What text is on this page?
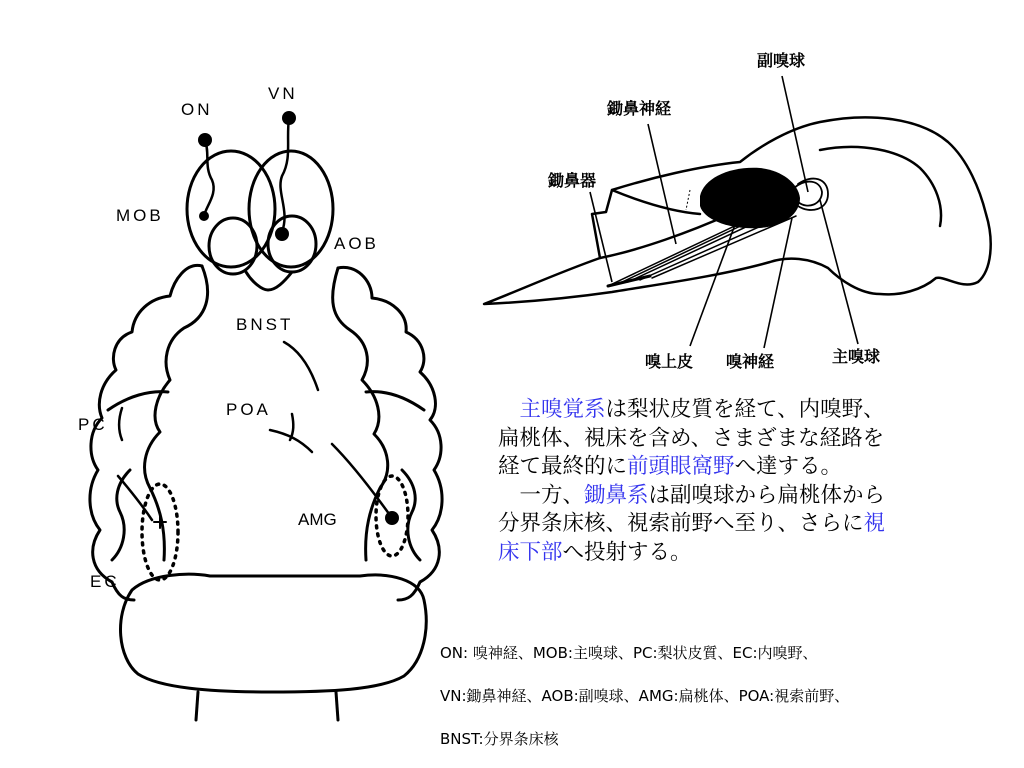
ON
VN
MOB
AOB
BNST
POA
PC
AMG
EC
副嗅球
鋤鼻神経
鋤鼻器
嗅上皮 嗅神経	主嗅球
　主嗅覚系は梨状皮質を経て、内嗅野、
扁桃体、視床を含め、さまざまな経路を
経て最終的に前頭眼窩野へ達する。
　一方、鋤鼻系は副嗅球から扁桃体から
分界条床核、視索前野へ至り、さらに視
床下部へ投射する。
ON: 嗅神経、MOB:主嗅球、PC:梨状皮質、EC:内嗅野、
VN:鋤鼻神経、AOB:副嗅球、AMG:扁桃体、POA:視索前野、
BNST:分界条床核
